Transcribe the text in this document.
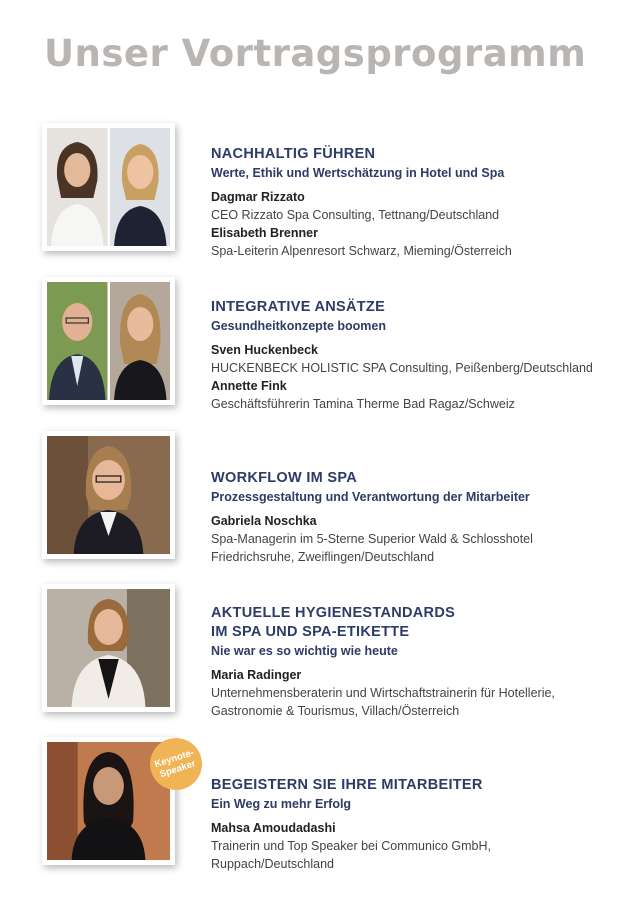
Unser Vortragsprogramm

NACHHALTIG FÜHREN

Werte, Ethik und Wertschätzung in Hotel und Spa

Dagmar Rizzato

CEO Rizzato Spa Consulting, Tettnang/Deutschland

Elisabeth Brenner

Spa-Leiterin Alpenresort Schwarz, Mieming/Österreich

INTEGRATIVE ANSÄTZE

Gesundheitkonzepte boomen

Sven Huckenbeck

HUCKENBECK HOLISTIC SPA Consulting, Peißenberg/Deutschland

Annette Fink

Geschäftsführerin Tamina Therme Bad Ragaz/Schweiz

WORKFLOW IM SPA

Prozessgestaltung und Verantwortung der Mitarbeiter

Gabriela Noschka

Spa-Managerin im 5-Sterne Superior Wald & Schlosshotel Friedrichsruhe, Zweiflingen/Deutschland

AKTUELLE HYGIENESTANDARDS

IM SPA UND SPA-ETIKETTE

Nie war es so wichtig wie heute

Maria Radinger

Unternehmensberaterin und Wirtschaftstrainerin für Hotellerie, Gastronomie & Tourismus, Villach/Österreich

Keynote-
Speaker

BEGEISTERN SIE IHRE MITARBEITER

Ein Weg zu mehr Erfolg

Mahsa Amoudadashi

Trainerin und Top Speaker bei Communico GmbH, Ruppach/Deutschland
